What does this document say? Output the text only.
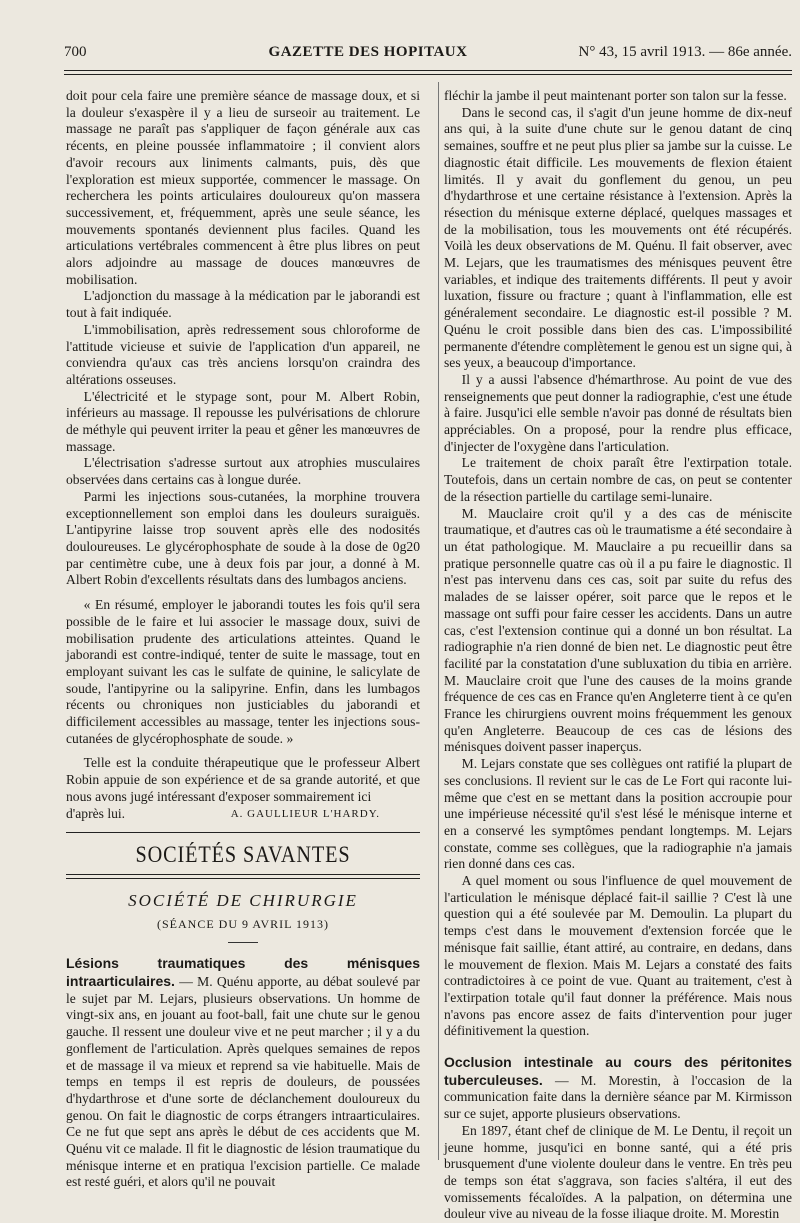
700	GAZETTE DES HOPITAUX	N° 43, 15 avril 1913. — 86e année.

doit pour cela faire une première séance de massage doux, et si la douleur s'exaspère il y a lieu de surseoir au traitement. Le massage ne paraît pas s'appliquer de façon générale aux cas récents, en pleine poussée inflammatoire ; il convient alors d'avoir recours aux liniments calmants, puis, dès que l'exploration est mieux supportée, commencer le massage. On recherchera les points articulaires douloureux qu'on massera successivement, et, fréquemment, après une seule séance, les mouvements spontanés deviennent plus faciles. Quand les articulations vertébrales commencent à être plus libres on peut alors adjoindre au massage de douces manœuvres de mobilisation.

L'adjonction du massage à la médication par le jaborandi est tout à fait indiquée.

L'immobilisation, après redressement sous chloroforme de l'attitude vicieuse et suivie de l'application d'un appareil, ne conviendra qu'aux cas très anciens lorsqu'on craindra des altérations osseuses.

L'électricité et le stypage sont, pour M. Albert Robin, inférieurs au massage. Il repousse les pulvérisations de chlorure de méthyle qui peuvent irriter la peau et gêner les manœuvres de massage.

L'électrisation s'adresse surtout aux atrophies musculaires observées dans certains cas à longue durée.

Parmi les injections sous-cutanées, la morphine trouvera exceptionnellement son emploi dans les douleurs suraiguës. L'antipyrine laisse trop souvent après elle des nodosités douloureuses. Le glycérophosphate de soude à la dose de 0g20 par centimètre cube, une à deux fois par jour, a donné à M. Albert Robin d'excellents résultats dans des lumbagos anciens.

« En résumé, employer le jaborandi toutes les fois qu'il sera possible de le faire et lui associer le massage doux, suivi de mobilisation prudente des articulations atteintes. Quand le jaborandi est contre-indiqué, tenter de suite le massage, tout en employant suivant les cas le sulfate de quinine, le salicylate de soude, l'antipyrine ou la salipyrine. Enfin, dans les lumbagos récents ou chroniques non justiciables du jaborandi et difficilement accessibles au massage, tenter les injections sous-cutanées de glycérophosphate de soude. »

Telle est la conduite thérapeutique que le professeur Albert Robin appuie de son expérience et de sa grande autorité, et que nous avons jugé intéressant d'exposer sommairement ici

d'après lui.	A. GAULLIEUR L'HARDY.
SOCIÉTÉS SAVANTES
SOCIÉTÉ DE CHIRURGIE
(SÉANCE DU 9 AVRIL 1913)

Lésions traumatiques des ménisques intraarticulaires. — M. Quénu apporte, au débat soulevé par le sujet par M. Lejars, plusieurs observations. Un homme de vingt-six ans, en jouant au foot-ball, fait une chute sur le genou gauche. Il ressent une douleur vive et ne peut marcher ; il y a du gonflement de l'articulation. Après quelques semaines de repos et de massage il va mieux et reprend sa vie habituelle. Mais de temps en temps il est repris de douleurs, de poussées d'hydarthrose et d'une sorte de déclanchement douloureux du genou. On fait le diagnostic de corps étrangers intraarticulaires. Ce ne fut que sept ans après le début de ces accidents que M. Quénu vit ce malade. Il fit le diagnostic de lésion traumatique du ménisque interne et en pratiqua l'excision partielle. Ce malade est resté guéri, et alors qu'il ne pouvait

fléchir la jambe il peut maintenant porter son talon sur la fesse.

Dans le second cas, il s'agit d'un jeune homme de dix-neuf ans qui, à la suite d'une chute sur le genou datant de cinq semaines, souffre et ne peut plus plier sa jambe sur la cuisse. Le diagnostic était difficile. Les mouvements de flexion étaient limités. Il y avait du gonflement du genou, un peu d'hydarthrose et une certaine résistance à l'extension. Après la résection du ménisque externe déplacé, quelques massages et de la mobilisation, tous les mouvements ont été récupérés. Voilà les deux observations de M. Quénu. Il fait observer, avec M. Lejars, que les traumatismes des ménisques peuvent être variables, et indique des traitements différents. Il peut y avoir luxation, fissure ou fracture ; quant à l'inflammation, elle est généralement secondaire. Le diagnostic est-il possible ? M. Quénu le croit possible dans bien des cas. L'impossibilité permanente d'étendre complètement le genou est un signe qui, à ses yeux, a beaucoup d'importance.

Il y a aussi l'absence d'hémarthrose. Au point de vue des renseignements que peut donner la radiographie, c'est une étude à faire. Jusqu'ici elle semble n'avoir pas donné de résultats bien appréciables. On a proposé, pour la rendre plus efficace, d'injecter de l'oxygène dans l'articulation.

Le traitement de choix paraît être l'extirpation totale. Toutefois, dans un certain nombre de cas, on peut se contenter de la résection partielle du cartilage semi-lunaire.

M. Mauclaire croit qu'il y a des cas de méniscite traumatique, et d'autres cas où le traumatisme a été secondaire à un état pathologique. M. Mauclaire a pu recueillir dans sa pratique personnelle quatre cas où il a pu faire le diagnostic. Il n'est pas intervenu dans ces cas, soit par suite du refus des malades de se laisser opérer, soit parce que le repos et le massage ont suffi pour faire cesser les accidents. Dans un autre cas, c'est l'extension continue qui a donné un bon résultat. La radiographie n'a rien donné de bien net. Le diagnostic peut être facilité par la constatation d'une subluxation du tibia en arrière. M. Mauclaire croit que l'une des causes de la moins grande fréquence de ces cas en France qu'en Angleterre tient à ce qu'en France les chirurgiens ouvrent moins fréquemment les genoux qu'en Angleterre. Beaucoup de ces cas de lésions des ménisques doivent passer inaperçus.

M. Lejars constate que ses collègues ont ratifié la plupart de ses conclusions. Il revient sur le cas de Le Fort qui raconte lui-même que c'est en se mettant dans la position accroupie pour une impérieuse nécessité qu'il s'est lésé le ménisque interne et en a conservé les symptômes pendant longtemps. M. Lejars constate, comme ses collègues, que la radiographie n'a jamais rien donné dans ces cas.

A quel moment ou sous l'influence de quel mouvement de l'articulation le ménisque déplacé fait-il saillie ? C'est là une question qui a été soulevée par M. Demoulin. La plupart du temps c'est dans le mouvement d'extension forcée que le ménisque fait saillie, étant attiré, au contraire, en dedans, dans le mouvement de flexion. Mais M. Lejars a constaté des faits contradictoires à ce point de vue. Quant au traitement, c'est à l'extirpation totale qu'il faut donner la préférence. Mais nous n'avons pas encore assez de faits d'intervention pour juger définitivement la question.

Occlusion intestinale au cours des péritonites tuberculeuses. — M. Morestin, à l'occasion de la communication faite dans la dernière séance par M. Kirmisson sur ce sujet, apporte plusieurs observations.

En 1897, étant chef de clinique de M. Le Dentu, il reçoit un jeune homme, jusqu'ici en bonne santé, qui a été pris brusquement d'une violente douleur dans le ventre. En très peu de temps son état s'aggrava, son facies s'altéra, il eut des vomissements fécaloïdes. A la palpation, on détermina une douleur vive au niveau de la fosse iliaque droite. M. Morestin
